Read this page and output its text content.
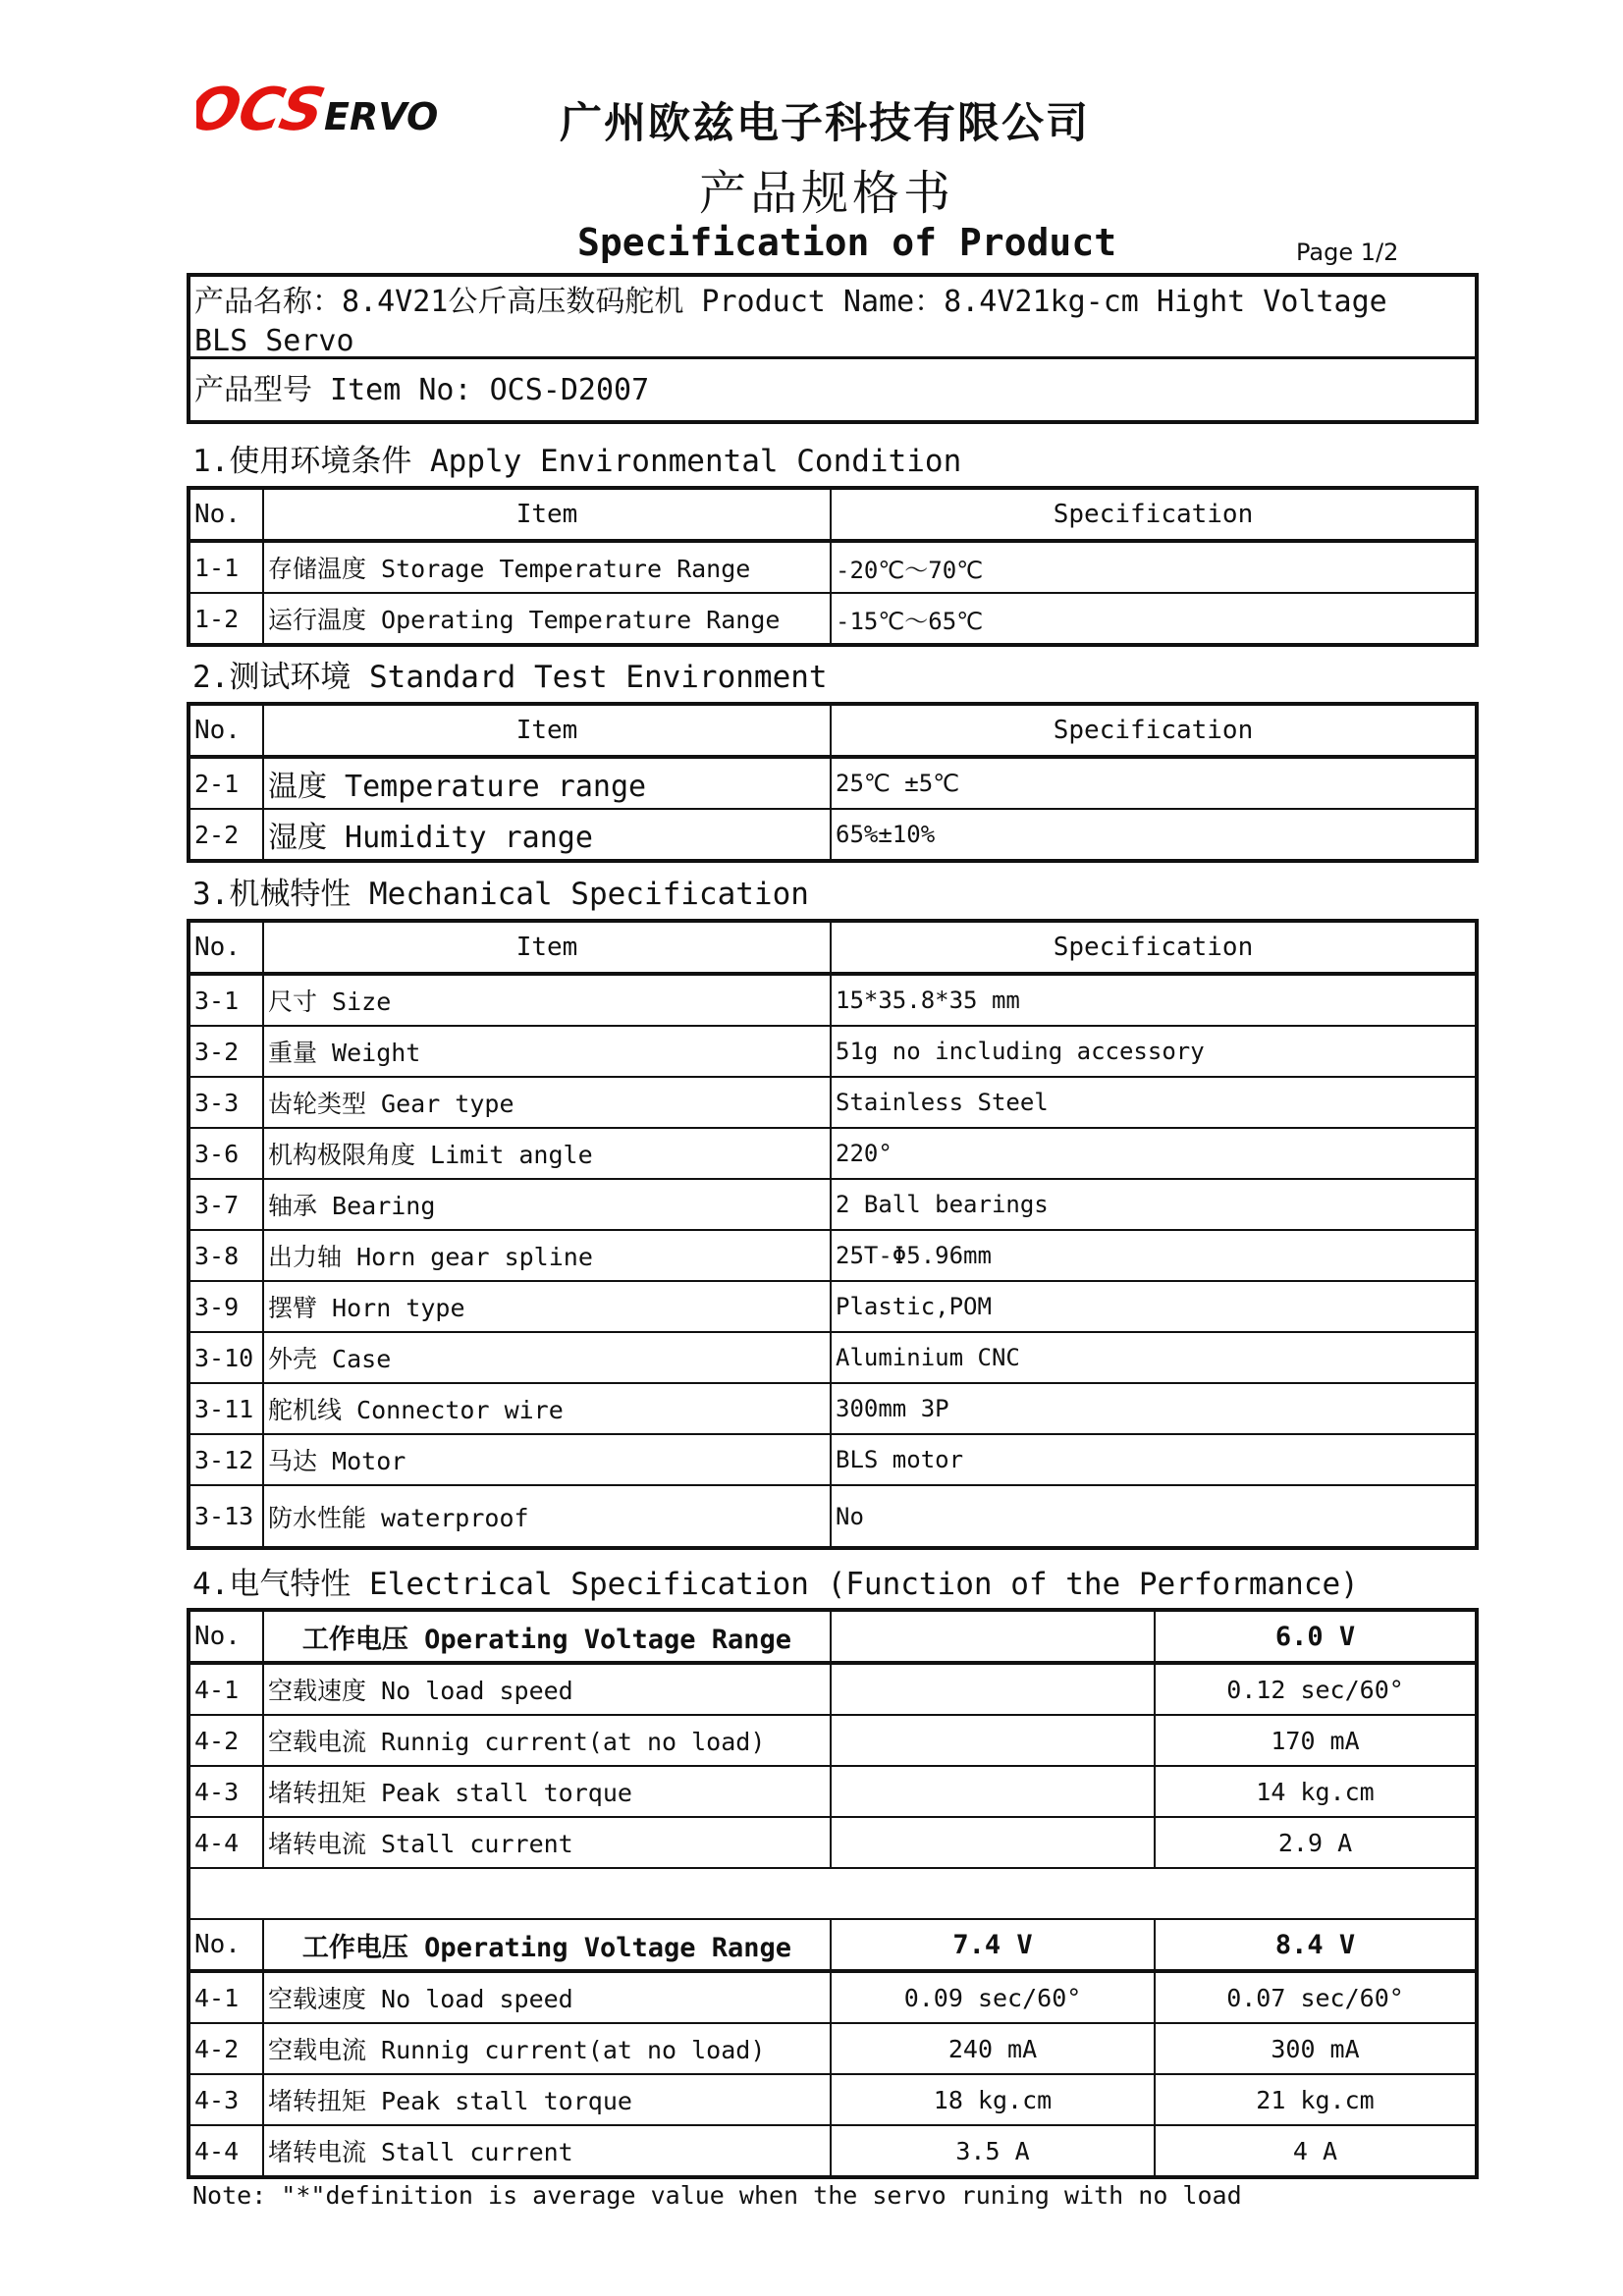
OCS
ERVO	广州欧兹电子科技有限公司
产品规格书
Specification of Product	Page 1/2
产品名称：8.4V21公斤高压数码舵机 Product Name：8.4V21kg-cm Hight Voltage
BLS Servo
产品型号 Item No: OCS-D2007
1.使用环境条件 Apply Environmental Condition
No.	Item	Specification
1-1	存储温度 Storage Temperature Range	-20℃～70℃
1-2	运行温度 Operating Temperature Range	-15℃～65℃
2.测试环境 Standard Test Environment
No.	Item	Specification
2-1	温度 Temperature range	25℃ ±5℃
2-2	湿度 Humidity range	65%±10%
3.机械特性 Mechanical Specification
No.	Item	Specification
3-1	尺寸 Size	15*35.8*35 mm
3-2	重量 Weight	51g no including accessory
3-3	齿轮类型 Gear type	Stainless Steel
3-6	机构极限角度 Limit angle	220°
3-7	轴承 Bearing	2 Ball bearings
3-8	出力轴 Horn gear spline	25T-Φ5.96mm
3-9	摆臂 Horn type	Plastic,POM
3-10	外壳 Case	Aluminium CNC
3-11	舵机线 Connector wire	300mm 3P
3-12	马达 Motor	BLS motor
3-13	防水性能 waterproof	No
4.电气特性 Electrical Specification (Function of the Performance)
No.	工作电压 Operating Voltage Range		6.0 V
4-1	空载速度 No load speed		0.12 sec/60°
4-2	空载电流 Runnig current(at no load)		170 mA
4-3	堵转扭矩 Peak stall torque		14 kg.cm
4-4	堵转电流 Stall current		2.9 A

No.	工作电压 Operating Voltage Range	7.4 V	8.4 V
4-1	空载速度 No load speed	0.09 sec/60°	0.07 sec/60°
4-2	空载电流 Runnig current(at no load)	240 mA	300 mA
4-3	堵转扭矩 Peak stall torque	18 kg.cm	21 kg.cm
4-4	堵转电流 Stall current	3.5 A	4 A
Note: "*"definition is average value when the servo runing with no load
